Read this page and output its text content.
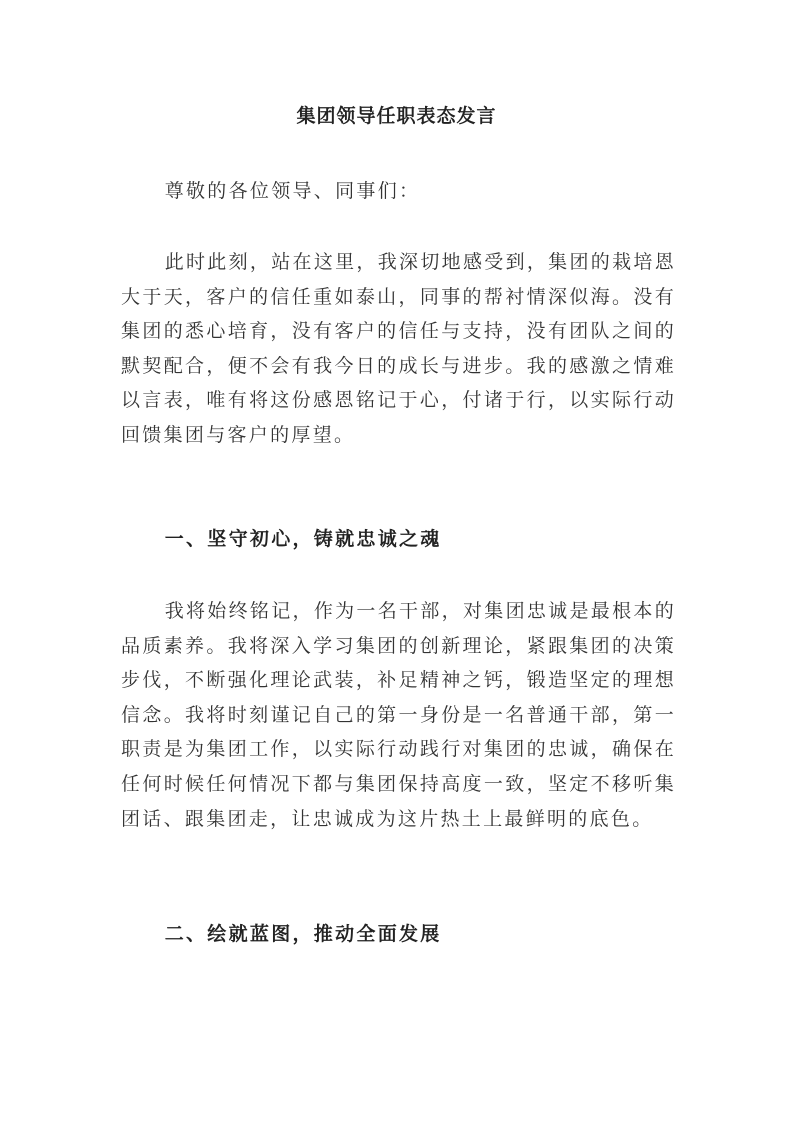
集团领导任职表态发言

尊敬的各位领导、同事们：

此时此刻，站在这里，我深切地感受到，集团的栽培恩大于天，客户的信任重如泰山，同事的帮衬情深似海。没有集团的悉心培育，没有客户的信任与支持，没有团队之间的默契配合，便不会有我今日的成长与进步。我的感激之情难以言表，唯有将这份感恩铭记于心，付诸于行，以实际行动回馈集团与客户的厚望。

一、坚守初心，铸就忠诚之魂

我将始终铭记，作为一名干部，对集团忠诚是最根本的品质素养。我将深入学习集团的创新理论，紧跟集团的决策步伐，不断强化理论武装，补足精神之钙，锻造坚定的理想信念。我将时刻谨记自己的第一身份是一名普通干部，第一职责是为集团工作，以实际行动践行对集团的忠诚，确保在任何时候任何情况下都与集团保持高度一致，坚定不移听集团话、跟集团走，让忠诚成为这片热土上最鲜明的底色。

二、绘就蓝图，推动全面发展
